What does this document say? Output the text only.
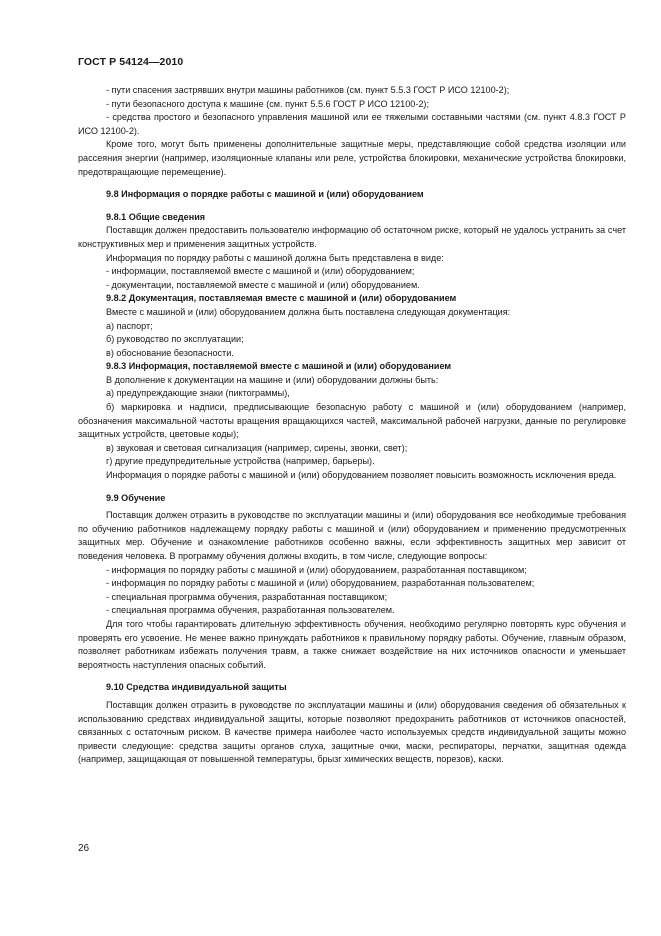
ГОСТ Р 54124—2010

- пути спасения застрявших внутри машины работников (см. пункт 5.5.3 ГОСТ Р ИСО 12100-2);

- пути безопасного доступа к машине (см. пункт 5.5.6 ГОСТ Р ИСО 12100-2);

- средства простого и безопасного управления машиной или ее тяжелыми составными частями (см. пункт 4.8.3 ГОСТ Р ИСО 12100-2).

Кроме того, могут быть применены дополнительные защитные меры, представляющие собой средства изоляции или рассеяния энергии (например, изоляционные клапаны или реле, устройства блокировки, механические устройства блокировки, предотвращающие перемещение).

9.8 Информация о порядке работы с машиной и (или) оборудованием

9.8.1 Общие сведения

Поставщик должен предоставить пользователю информацию об остаточном риске, который не удалось устранить за счет конструктивных мер и применения защитных устройств.

Информация по порядку работы с машиной должна быть представлена в виде:

- информации, поставляемой вместе с машиной и (или) оборудованием;

- документации, поставляемой вместе с машиной и (или) оборудованием.

9.8.2 Документация, поставляемая вместе с машиной и (или) оборудованием

Вместе с машиной и (или) оборудованием должна быть поставлена следующая документация:

а) паспорт;

б) руководство по эксплуатации;

в) обоснование безопасности.

9.8.3 Информация, поставляемой вместе с машиной и (или) оборудованием

В дополнение к документации на машине и (или) оборудовании должны быть:

а) предупреждающие знаки (пиктограммы),

б) маркировка и надписи, предписывающие безопасную работу с машиной и (или) оборудованием (например, обозначения максимальной частоты вращения вращающихся частей, максимальной рабочей нагрузки, данные по регулировке защитных устройств, цветовые коды);

в) звуковая и световая сигнализация (например, сирены, звонки, свет);

г) другие предупредительные устройства (например, барьеры).

Информация о порядке работы с машиной и (или) оборудованием позволяет повысить возможность исключения вреда.

9.9 Обучение

Поставщик должен отразить в руководстве по эксплуатации машины и (или) оборудования все необходимые требования по обучению работников надлежащему порядку работы с машиной и (или) оборудованием и применению предусмотренных защитных мер. Обучение и ознакомление работников особенно важны, если эффективность защитных мер зависит от поведения человека. В программу обучения должны входить, в том числе, следующие вопросы:

- информация по порядку работы с машиной и (или) оборудованием, разработанная поставщиком;

- информация по порядку работы с машиной и (или) оборудованием, разработанная пользователем;

- специальная программа обучения, разработанная поставщиком;

- специальная программа обучения, разработанная пользователем.

Для того чтобы гарантировать длительную эффективность обучения, необходимо регулярно повторять курс обучения и проверять его усвоение. Не менее важно принуждать работников к правильному порядку работы. Обучение, главным образом, позволяет работникам избежать получения травм, а также снижает воздействие на них источников опасности и уменьшает вероятность наступления опасных событий.

9.10 Средства индивидуальной защиты

Поставщик должен отразить в руководстве по эксплуатации машины и (или) оборудования сведения об обязательных к использованию средствах индивидуальной защиты, которые позволяют предохранить работников от источников опасностей, связанных с остаточным риском. В качестве примера наиболее часто используемых средств индивидуальной защиты можно привести следующие: средства защиты органов слуха, защитные очки, маски, респираторы, перчатки, защитная одежда (например, защищающая от повышенной температуры, брызг химических веществ, порезов), каски.

26
